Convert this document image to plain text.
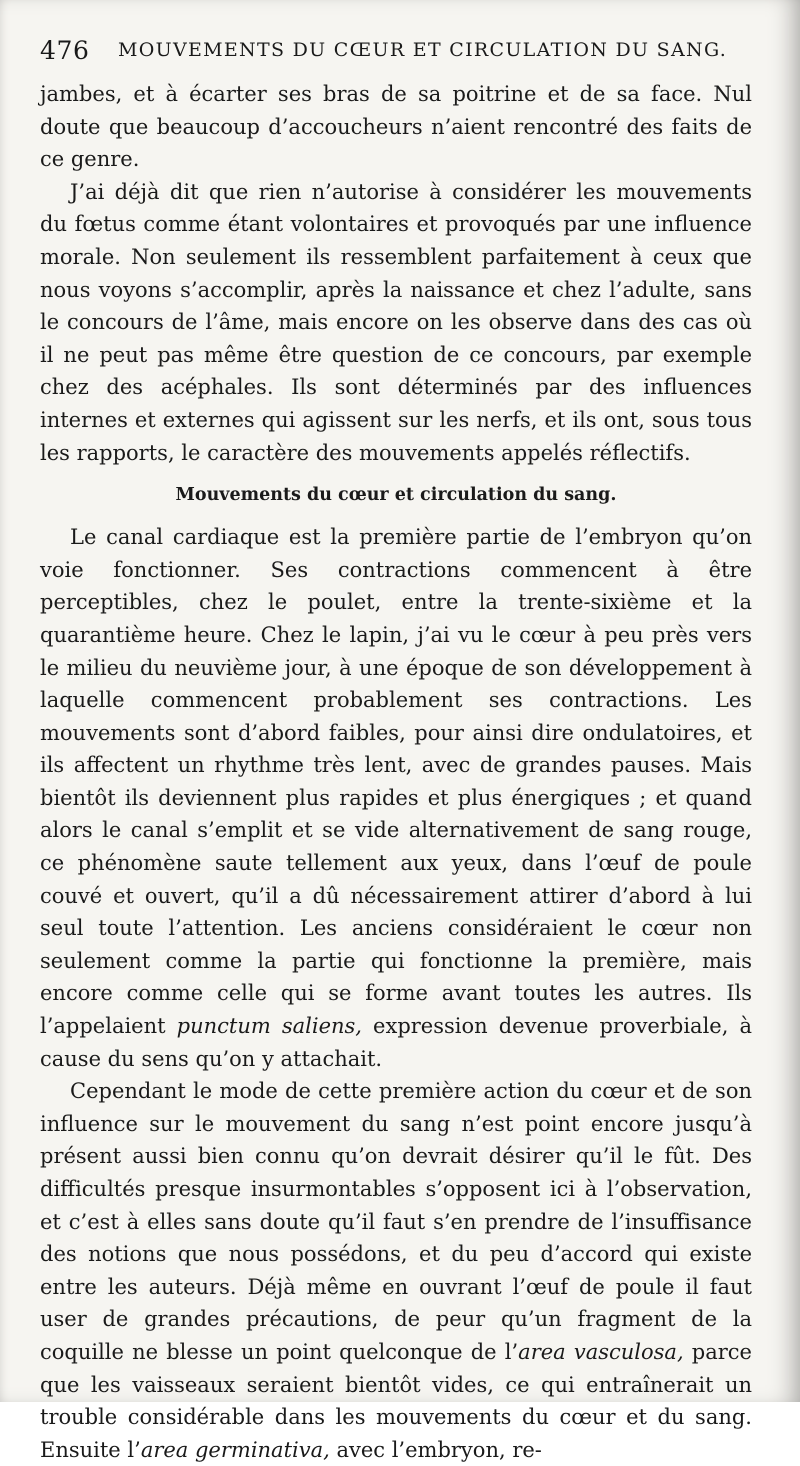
476 MOUVEMENTS DU CŒUR ET CIRCULATION DU SANG.

jambes, et à écarter ses bras de sa poitrine et de sa face. Nul doute que beaucoup d’accoucheurs n’aient rencontré des faits de ce genre.

J’ai déjà dit que rien n’autorise à considérer les mouvements du fœtus comme étant volontaires et provoqués par une influence morale. Non seulement ils ressemblent parfaitement à ceux que nous voyons s’accomplir, après la naissance et chez l’adulte, sans le concours de l’âme, mais encore on les observe dans des cas où il ne peut pas même être question de ce concours, par exemple chez des acéphales. Ils sont déterminés par des influences internes et externes qui agissent sur les nerfs, et ils ont, sous tous les rapports, le caractère des mouvements appelés réflectifs.

Mouvements du cœur et circulation du sang.

Le canal cardiaque est la première partie de l’embryon qu’on voie fonctionner. Ses contractions commencent à être perceptibles, chez le poulet, entre la trente-sixième et la quarantième heure. Chez le lapin, j’ai vu le cœur à peu près vers le milieu du neuvième jour, à une époque de son développement à laquelle commencent probablement ses contractions. Les mouvements sont d’abord faibles, pour ainsi dire ondulatoires, et ils affectent un rhythme très lent, avec de grandes pauses. Mais bientôt ils deviennent plus rapides et plus énergiques ; et quand alors le canal s’emplit et se vide alternativement de sang rouge, ce phénomène saute tellement aux yeux, dans l’œuf de poule couvé et ouvert, qu’il a dû nécessairement attirer d’abord à lui seul toute l’attention. Les anciens considéraient le cœur non seulement comme la partie qui fonctionne la première, mais encore comme celle qui se forme avant toutes les autres. Ils l’appelaient punctum saliens, expression devenue proverbiale, à cause du sens qu’on y attachait.

Cependant le mode de cette première action du cœur et de son influence sur le mouvement du sang n’est point encore jusqu’à présent aussi bien connu qu’on devrait désirer qu’il le fût. Des difficultés presque insurmontables s’opposent ici à l’observation, et c’est à elles sans doute qu’il faut s’en prendre de l’insuffisance des notions que nous possédons, et du peu d’accord qui existe entre les auteurs. Déjà même en ouvrant l’œuf de poule il faut user de grandes précautions, de peur qu’un fragment de la coquille ne blesse un point quelconque de l’area vasculosa, parce que les vaisseaux seraient bientôt vides, ce qui entraînerait un trouble considérable dans les mouvements du cœur et du sang. Ensuite l’area germinativa, avec l’embryon, re-
